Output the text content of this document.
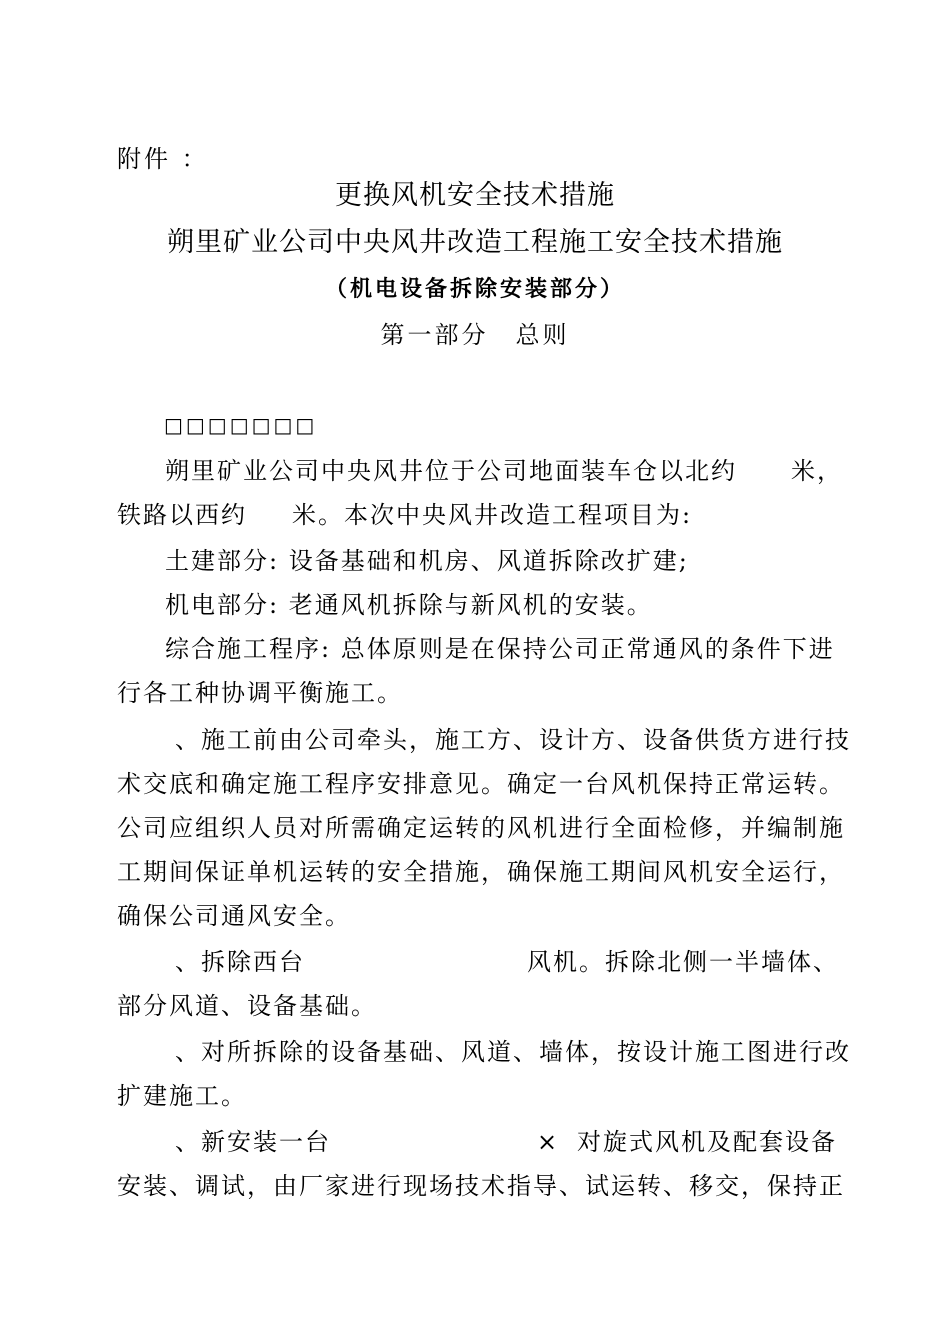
附件 ：
更换风机安全技术措施
朔里矿业公司中央风井改造工程施工安全技术措施
（机电设备拆除安装部分）
第一部分　总则
□□□□□□□
朔里矿业公司中央风井位于公司地面装车仓以北约 米，
铁路以西约 米。本次中央风井改造工程项目为:
土建部分: 设备基础和机房、风道拆除改扩建;
机电部分: 老通风机拆除与新风机的安装。
综合施工程序: 总体原则是在保持公司正常通风的条件下进
行各工种协调平衡施工。
、施工前由公司牵头，施工方、设计方、设备供货方进行技
术交底和确定施工程序安排意见。确定一台风机保持正常运转。
公司应组织人员对所需确定运转的风机进行全面检修，并编制施
工期间保证单机运转的安全措施，确保施工期间风机安全运行，
确保公司通风安全。
、拆除西台	风机。拆除北侧一半墙体、
部分风道、设备基础。
、对所拆除的设备基础、风道、墙体，按设计施工图进行改
扩建施工。
、新安装一台	× 对旋式风机及配套设备
安装、调试，由厂家进行现场技术指导、试运转、移交，保持正
